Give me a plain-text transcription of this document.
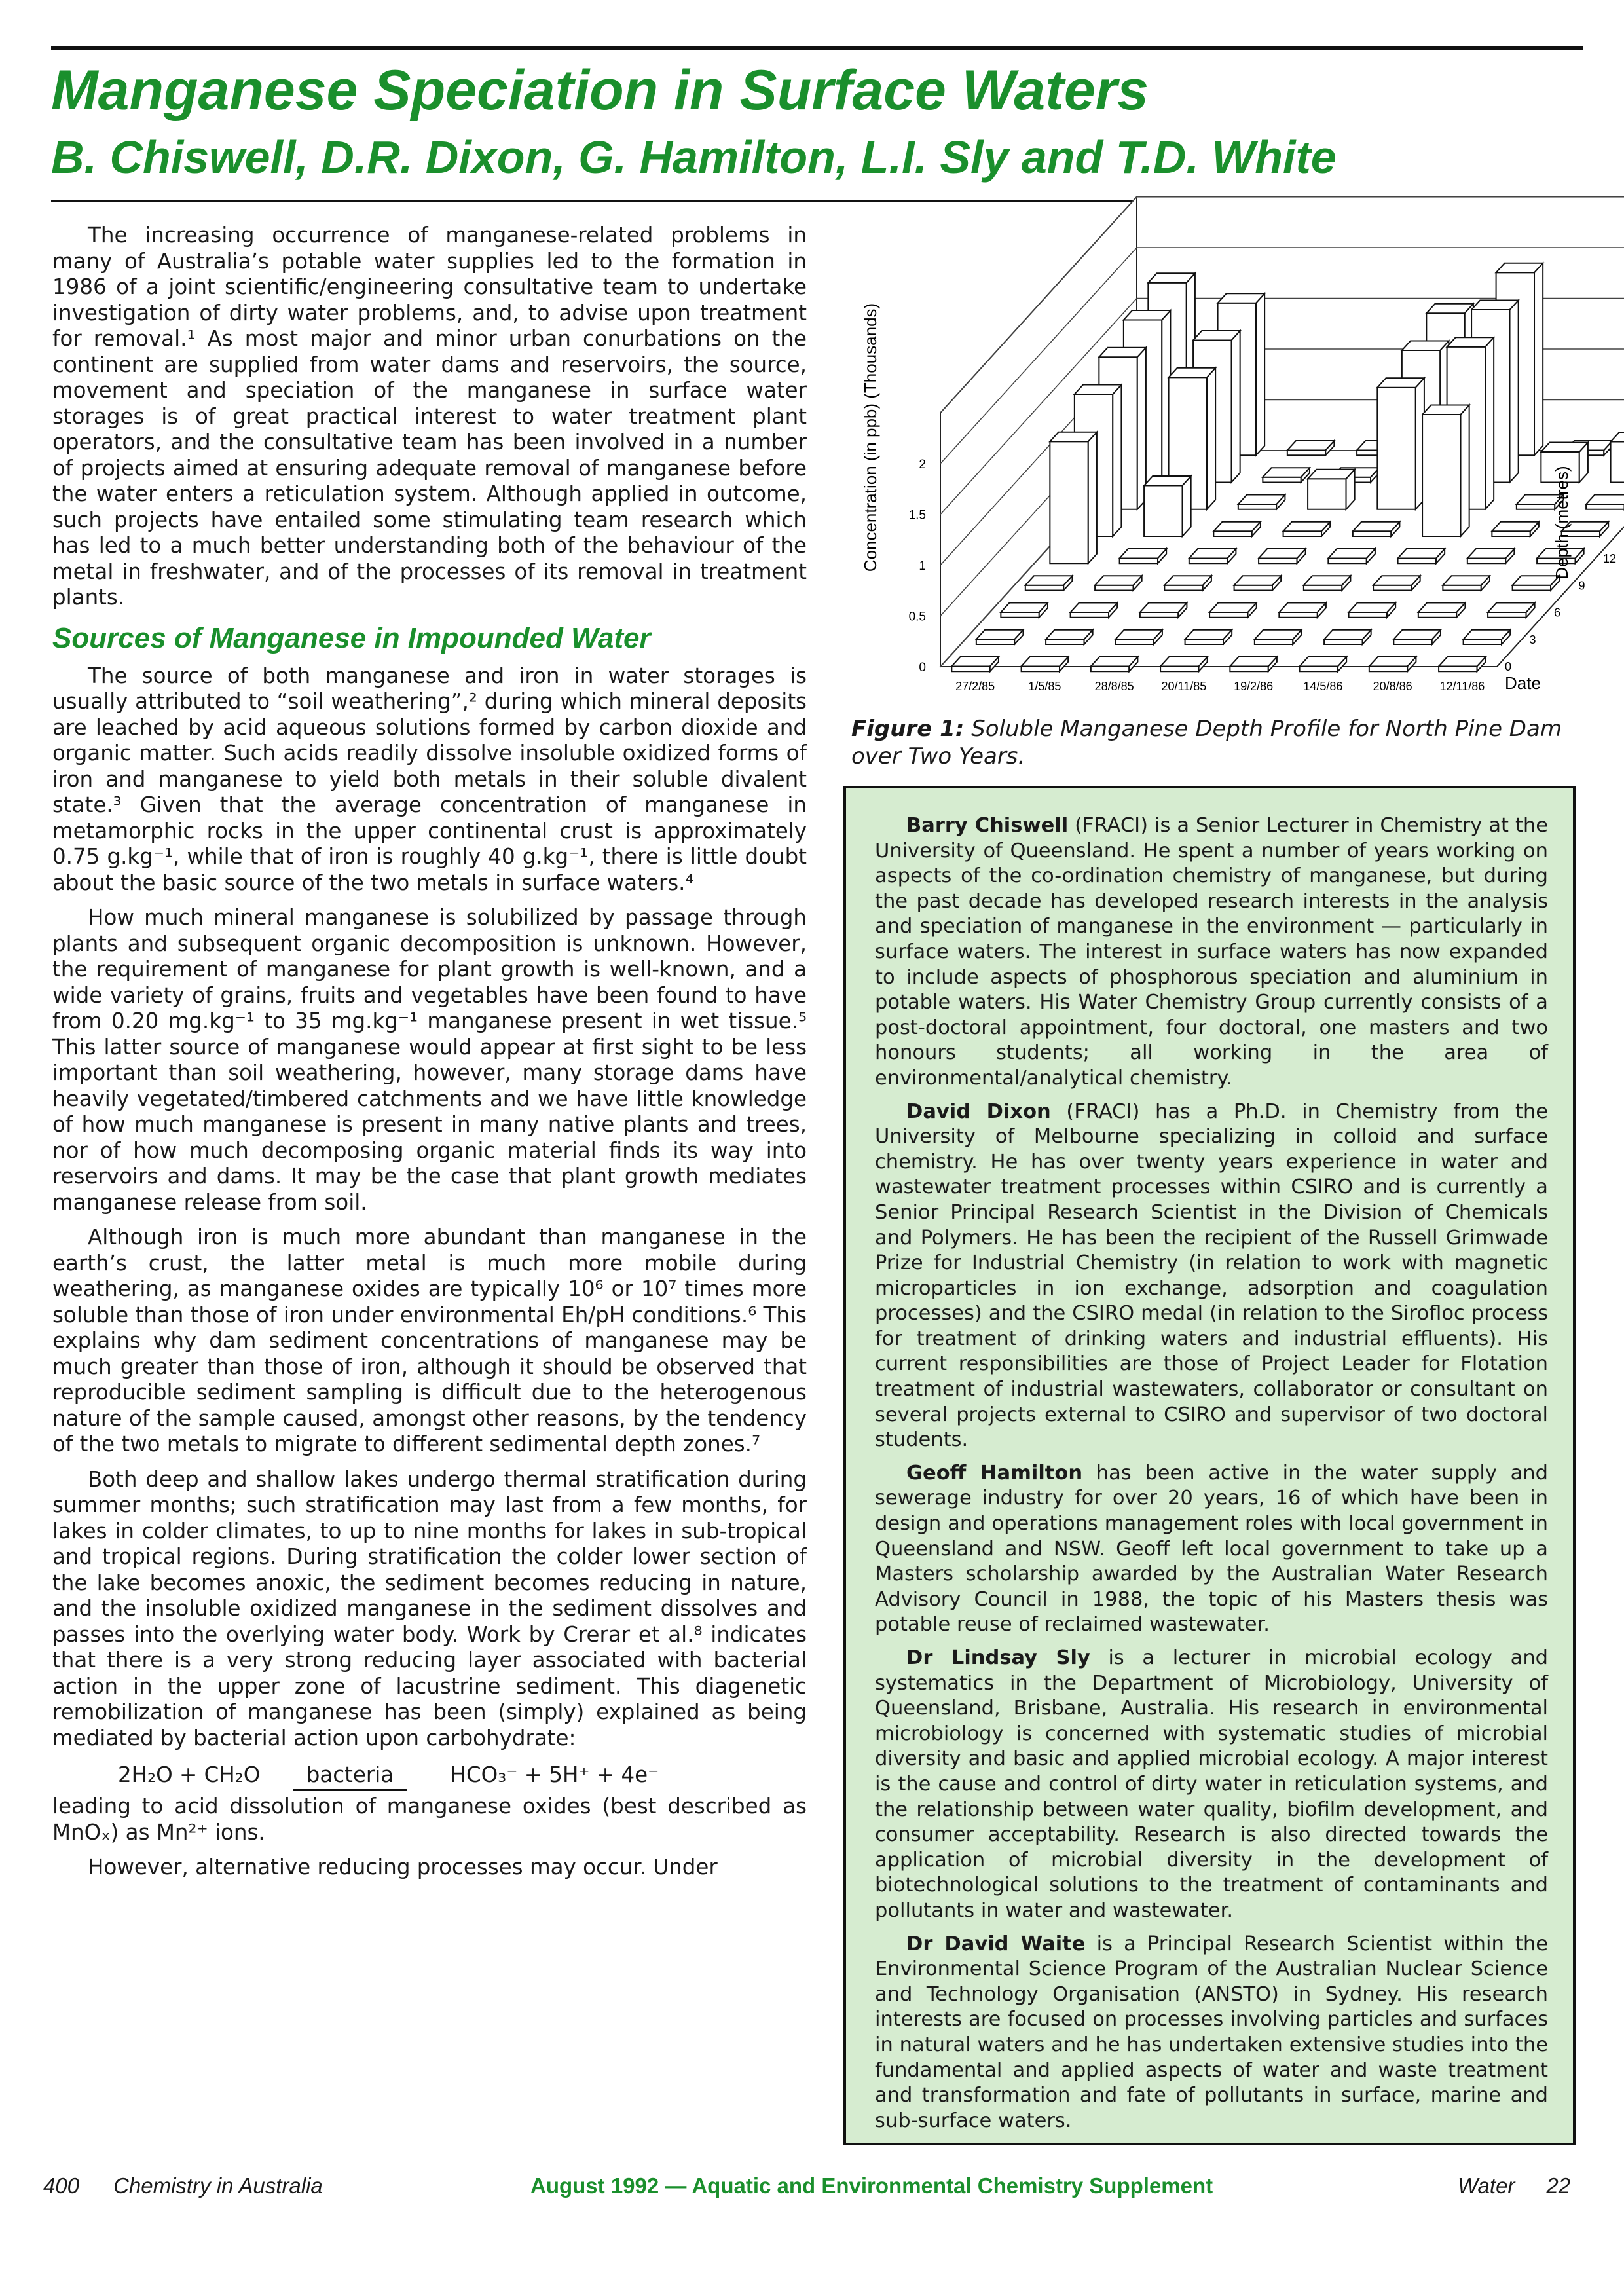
Manganese Speciation in Surface Waters
B. Chiswell, D.R. Dixon, G. Hamilton, L.I. Sly and T.D. White

The increasing occurrence of manganese-related problems in many of Australia’s potable water supplies led to the formation in 1986 of a joint scientific/engineering consultative team to undertake investigation of dirty water problems, and, to advise upon treatment for removal.¹ As most major and minor urban conurbations on the continent are supplied from water dams and reservoirs, the source, movement and speciation of the manganese in surface water storages is of great practical interest to water treatment plant operators, and the consultative team has been involved in a number of projects aimed at ensuring adequate removal of manganese before the water enters a reticulation system. Although applied in outcome, such projects have entailed some stimulating team research which has led to a much better understanding both of the behaviour of the metal in freshwater, and of the processes of its removal in treatment plants.

Sources of Manganese in Impounded Water

The source of both manganese and iron in water storages is usually attributed to “soil weathering”,² during which mineral deposits are leached by acid aqueous solutions formed by carbon dioxide and organic matter. Such acids readily dissolve insoluble oxidized forms of iron and manganese to yield both metals in their soluble divalent state.³ Given that the average concentration of manganese in metamorphic rocks in the upper continental crust is approximately 0.75 g.kg⁻¹, while that of iron is roughly 40 g.kg⁻¹, there is little doubt about the basic source of the two metals in surface waters.⁴

How much mineral manganese is solubilized by passage through plants and subsequent organic decomposition is unknown. However, the requirement of manganese for plant growth is well-known, and a wide variety of grains, fruits and vegetables have been found to have from 0.20 mg.kg⁻¹ to 35 mg.kg⁻¹ manganese present in wet tissue.⁵ This latter source of manganese would appear at first sight to be less important than soil weathering, however, many storage dams have heavily vegetated/timbered catchments and we have little knowledge of how much manganese is present in many native plants and trees, nor of how much decomposing organic material finds its way into reservoirs and dams. It may be the case that plant growth mediates manganese release from soil.

Although iron is much more abundant than manganese in the earth’s crust, the latter metal is much more mobile during weathering, as manganese oxides are typically 10⁶ or 10⁷ times more soluble than those of iron under environmental Eh/pH conditions.⁶ This explains why dam sediment concentrations of manganese may be much greater than those of iron, although it should be observed that reproducible sediment sampling is difficult due to the heterogenous nature of the sample caused, amongst other reasons, by the tendency of the two metals to migrate to different sedimental depth zones.⁷

Both deep and shallow lakes undergo thermal stratification during summer months; such stratification may last from a few months, for lakes in colder climates, to up to nine months for lakes in sub-tropical and tropical regions. During stratification the colder lower section of the lake becomes anoxic, the sediment becomes reducing in nature, and the insoluble oxidized manganese in the sediment dissolves and passes into the overlying water body. Work by Crerar et al.⁸ indicates that there is a very strong reducing layer associated with bacterial action in the upper zone of lacustrine sediment. This diagenetic remobilization of manganese has been (simply) explained as being mediated by bacterial action upon carbohydrate:

2H₂O + CH₂O bacteria	HCO₃⁻ + 5H⁺ + 4e⁻

leading to acid dissolution of manganese oxides (best described as MnOₓ) as Mn²⁺ ions.

However, alternative reducing processes may occur. Under

0
0.5
1
1.5
2
Concentration (in ppb) (Thousands)
27/2/85	1/5/85	28/8/85 20/11/85 19/2/86	14/5/86	20/8/86 12/11/86 Date
0
3
6
9
12
Depth (metres)
Figure 1: Soluble Manganese Depth Profile for North Pine Dam over Two Years.

Barry Chiswell (FRACI) is a Senior Lecturer in Chemistry at the University of Queensland. He spent a number of years working on aspects of the co-ordination chemistry of manganese, but during the past decade has developed research interests in the analysis and speciation of manganese in the environment — particularly in surface waters. The interest in surface waters has now expanded to include aspects of phosphorous speciation and aluminium in potable waters. His Water Chemistry Group currently consists of a post-doctoral appointment, four doctoral, one masters and two honours students; all working in the area of environmental/analytical chemistry.

David Dixon (FRACI) has a Ph.D. in Chemistry from the University of Melbourne specializing in colloid and surface chemistry. He has over twenty years experience in water and wastewater treatment processes within CSIRO and is currently a Senior Principal Research Scientist in the Division of Chemicals and Polymers. He has been the recipient of the Russell Grimwade Prize for Industrial Chemistry (in relation to work with magnetic microparticles in ion exchange, adsorption and coagulation processes) and the CSIRO medal (in relation to the Sirofloc process for treatment of drinking waters and industrial effluents). His current responsibilities are those of Project Leader for Flotation treatment of industrial wastewaters, collaborator or consultant on several projects external to CSIRO and supervisor of two doctoral students.

Geoff Hamilton has been active in the water supply and sewerage industry for over 20 years, 16 of which have been in design and operations management roles with local government in Queensland and NSW. Geoff left local government to take up a Masters scholarship awarded by the Australian Water Research Advisory Council in 1988, the topic of his Masters thesis was potable reuse of reclaimed wastewater.

Dr Lindsay Sly is a lecturer in microbial ecology and systematics in the Department of Microbiology, University of Queensland, Brisbane, Australia. His research in environmental microbiology is concerned with systematic studies of microbial diversity and basic and applied microbial ecology. A major interest is the cause and control of dirty water in reticulation systems, and the relationship between water quality, biofilm development, and consumer acceptability. Research is also directed towards the application of microbial diversity in the development of biotechnological solutions to the treatment of contaminants and pollutants in water and wastewater.

Dr David Waite is a Principal Research Scientist within the Environmental Science Program of the Australian Nuclear Science and Technology Organisation (ANSTO) in Sydney. His research interests are focused on processes involving particles and surfaces in natural waters and he has undertaken extensive studies into the fundamental and applied aspects of water and waste treatment and transformation and fate of pollutants in surface, marine and sub-surface waters.

400 Chemistry in Australia	August 1992 — Aquatic and Environmental Chemistry Supplement	Water 22
